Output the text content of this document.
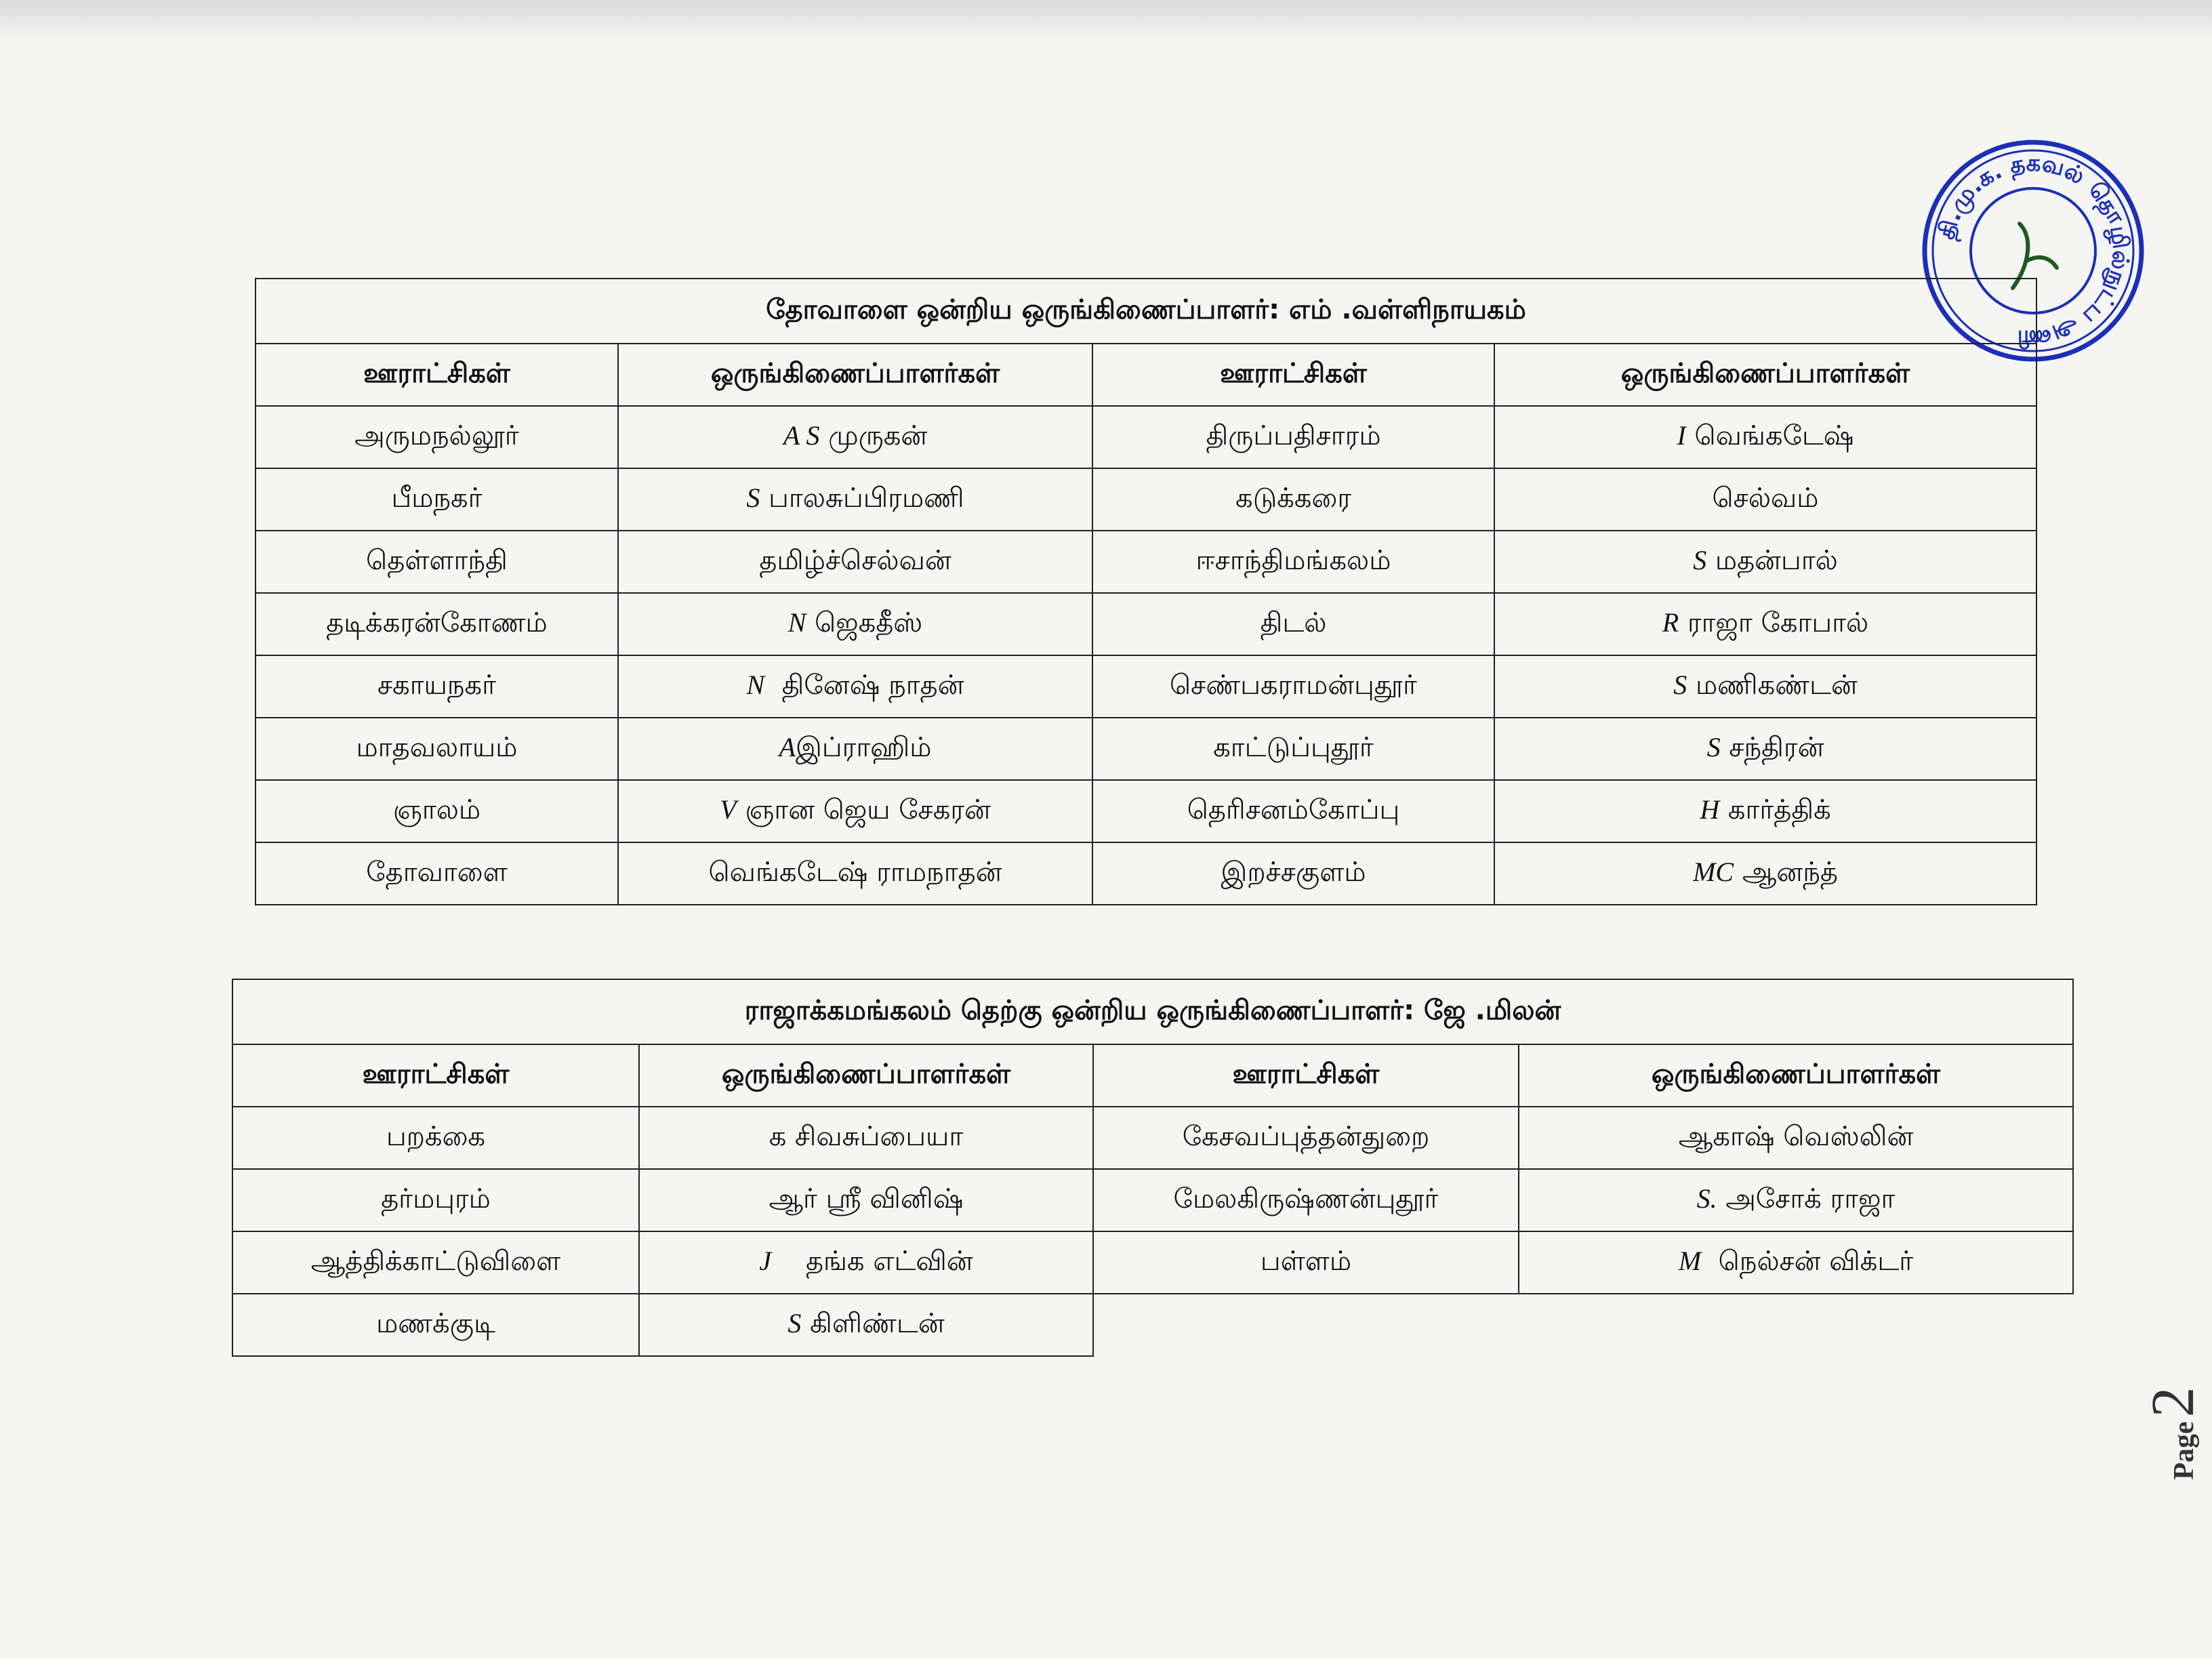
தி.மு.க. தகவல் தொழில்நுட்ப அணி
தோவாளை ஒன்றிய ஒருங்கிணைப்பாளர்: எம் .வள்ளிநாயகம்			
ஊராட்சிகள்	ஒருங்கிணைப்பாளர்கள்	ஊராட்சிகள்	ஒருங்கிணைப்பாளர்கள்
அருமநல்லூர்	A S முருகன்	திருப்பதிசாரம்	I வெங்கடேஷ்
பீமநகர்	S பாலசுப்பிரமணி	கடுக்கரை	செல்வம்
தெள்ளாந்தி	தமிழ்ச்செல்வன்	ஈசாந்திமங்கலம்	S மதன்பால்
தடிக்கரன்கோணம்	N ஜெகதீஸ்	திடல்	R ராஜா கோபால்
சகாயநகர்	N தினேஷ் நாதன்	செண்பகராமன்புதூர்	S மணிகண்டன்
மாதவலாயம்	Aஇப்ராஹிம்	காட்டுப்புதூர்	S சந்திரன்
ஞாலம்	V ஞான ஜெய சேகரன்	தெரிசனம்கோப்பு	H கார்த்திக்
தோவாளை	வெங்கடேஷ் ராமநாதன்	இறச்சகுளம்	MC ஆனந்த்
ராஜாக்கமங்கலம் தெற்கு ஒன்றிய ஒருங்கிணைப்பாளர்: ஜே .மிலன்			
ஊராட்சிகள்	ஒருங்கிணைப்பாளர்கள்	ஊராட்சிகள்	ஒருங்கிணைப்பாளர்கள்
பறக்கை	க சிவசுப்பையா	கேசவப்புத்தன்துறை	ஆகாஷ் வெஸ்லின்
தர்மபுரம்	ஆர் ஸ்ரீ வினிஷ்	மேலகிருஷ்ணன்புதூர்	S. அசோக் ராஜா
ஆத்திக்காட்டுவிளை	J தங்க எட்வின்	பள்ளம்	M நெல்சன் விக்டர்
மணக்குடி	S கிளிண்டன்		
Page
2
